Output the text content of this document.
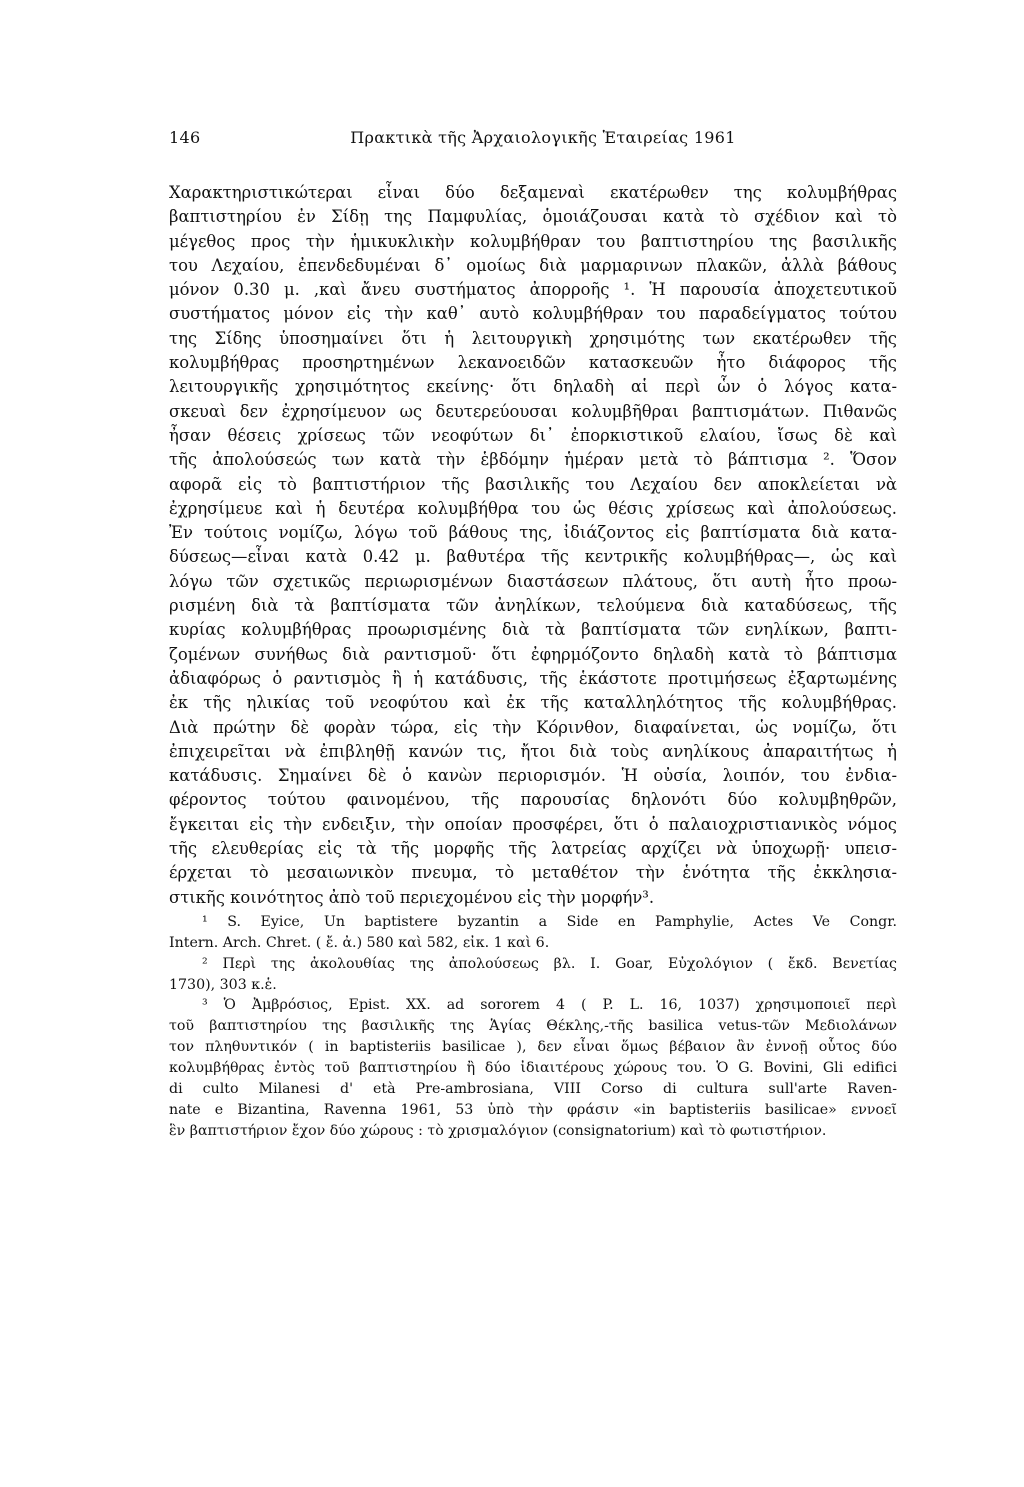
146	Πρακτικὰ τῆς Ἀρχαιολογικῆς Ἑταιρείας 1961
Χαρακτηριστικώτεραι εἶναι δύο δεξαμεναὶ εκατέρωθεν της κολυμβήθρας
βαπτιστηρίου ἐν Σίδῃ της Παμφυλίας, ὁμοιάζουσαι κατὰ τὸ σχέδιον καὶ τὸ
μέγεθος προς τὴν ἡμικυκλικὴν κολυμβήθραν του βαπτιστηρίου της βασιλικῆς
του Λεχαίου, ἐπενδεδυμέναι δ᾿ ομοίως διὰ μαρμαρινων πλακῶν, ἀλλὰ βάθους
μόνον 0.30 μ. ,καὶ ἄνευ συστήματος ἀπορροῆς ¹. Ἡ παρουσία ἀποχετευτικοῦ
συστήματος μόνον εἰς τὴν καθ᾿ αυτὸ κολυμβήθραν του παραδείγματος τούτου
της Σίδης ὑποσημαίνει ὅτι ἡ λειτουργικὴ χρησιμότης των εκατέρωθεν τῆς
κολυμβήθρας προσηρτημένων λεκανοειδῶν κατασκευῶν ἦτο διάφορος τῆς
λειτουργικῆς χρησιμότητος εκείνης· ὅτι δηλαδὴ αἱ περὶ ὧν ὁ λόγος κατα-
σκευαὶ δεν ἐχρησίμευον ως δευτερεύουσαι κολυμβῆθραι βαπτισμάτων. Πιθανῶς
ἦσαν θέσεις χρίσεως τῶν νεοφύτων δι᾿ ἐπορκιστικοῦ ελαίου, ἴσως δὲ καὶ
τῆς ἀπολούσεώς των κατὰ τὴν ἑβδόμην ἡμέραν μετὰ τὸ βάπτισμα ². Ὅσον
αφορᾶ εἰς τὸ βαπτιστήριον τῆς βασιλικῆς του Λεχαίου δεν αποκλείεται νὰ
ἐχρησίμευε καὶ ἡ δευτέρα κολυμβήθρα του ὡς θέσις χρίσεως καὶ ἀπολούσεως.
Ἐν τούτοις νομίζω, λόγω τοῦ βάθους της, ἰδιάζοντος εἰς βαπτίσματα διὰ κατα-
δύσεως—εἶναι κατὰ 0.42 μ. βαθυτέρα τῆς κεντρικῆς κολυμβήθρας—, ὡς καὶ
λόγω τῶν σχετικῶς περιωρισμένων διαστάσεων πλάτους, ὅτι αυτὴ ἦτο προω-
ρισμένη διὰ τὰ βαπτίσματα τῶν ἀνηλίκων, τελούμενα διὰ καταδύσεως, τῆς
κυρίας κολυμβήθρας προωρισμένης διὰ τὰ βαπτίσματα τῶν ενηλίκων, βαπτι-
ζομένων συνήθως διὰ ραντισμοῦ· ὅτι ἐφηρμόζοντο δηλαδὴ κατὰ τὸ βάπτισμα
ἀδιαφόρως ὁ ραντισμὸς ἢ ἡ κατάδυσις, τῆς ἑκάστοτε προτιμήσεως ἐξαρτωμένης
ἐκ τῆς ηλικίας τοῦ νεοφύτου καὶ ἐκ τῆς καταλληλότητος τῆς κολυμβήθρας.
Διὰ πρώτην δὲ φορὰν τώρα, εἰς τὴν Κόρινθον, διαφαίνεται, ὡς νομίζω, ὅτι
ἐπιχειρεῖται νὰ ἐπιβληθῇ κανών τις, ἤτοι διὰ τοὺς ανηλίκους ἀπαραιτήτως ἡ
κατάδυσις. Σημαίνει δὲ ὁ κανὼν περιορισμόν. Ἡ οὐσία, λοιπόν, του ἐνδια-
φέροντος τούτου φαινομένου, τῆς παρουσίας δηλονότι δύο κολυμβηθρῶν,
ἔγκειται εἰς τὴν ενδειξιν, τὴν οποίαν προσφέρει, ὅτι ὁ παλαιοχριστιανικὸς νόμος
τῆς ελευθερίας εἰς τὰ τῆς μορφῆς τῆς λατρείας αρχίζει νὰ ὑποχωρῇ· υπεισ-
έρχεται τὸ μεσαιωνικὸν πνευμα, τὸ μεταθέτον τὴν ἑνότητα τῆς ἐκκλησια-
στικῆς κοινότητος ἀπὸ τοῦ περιεχομένου εἰς τὴν μορφήν³.
¹ S. Eyice, Un baptistere byzantin a Side en Pamphylie, Actes Ve Congr.
Intern. Arch. Chret. ( ἔ. ἀ.) 580 καὶ 582, εἰκ. 1 καὶ 6.
² Περὶ της ἀκολουθίας της ἀπολούσεως βλ. I. Goar, Εὐχολόγιον ( ἔκδ. Βενετίας
1730), 303 κ.ἑ.
³ Ὁ Ἀμβρόσιος, Epist. XX. ad sororem 4 ( P. L. 16, 1037) χρησιμοποιεῖ περὶ
τοῦ βαπτιστηρίου της βασιλικῆς της Ἁγίας Θέκλης,-τῆς basilica vetus-τῶν Μεδιολάνων
τον πληθυντικόν ( in baptisteriis basilicae ), δεν εἶναι ὅμως βέβαιον ἂν ἐννοῇ οὗτος δύο
κολυμβήθρας ἐντὸς τοῦ βαπτιστηρίου ἢ δύο ἰδιαιτέρους χώρους του. Ὁ G. Bovini, Gli edifici
di culto Milanesi d' età Pre-ambrosiana, VIII Corso di cultura sull'arte Raven-
nate e Bizantina, Ravenna 1961, 53 ὑπὸ τὴν φράσιν «in baptisteriis basilicae» εννοεῖ
ἓν βαπτιστήριον ἔχον δύο χώρους : τὸ χρισμαλόγιον (consignatorium) καὶ τὸ φωτιστήριον.
